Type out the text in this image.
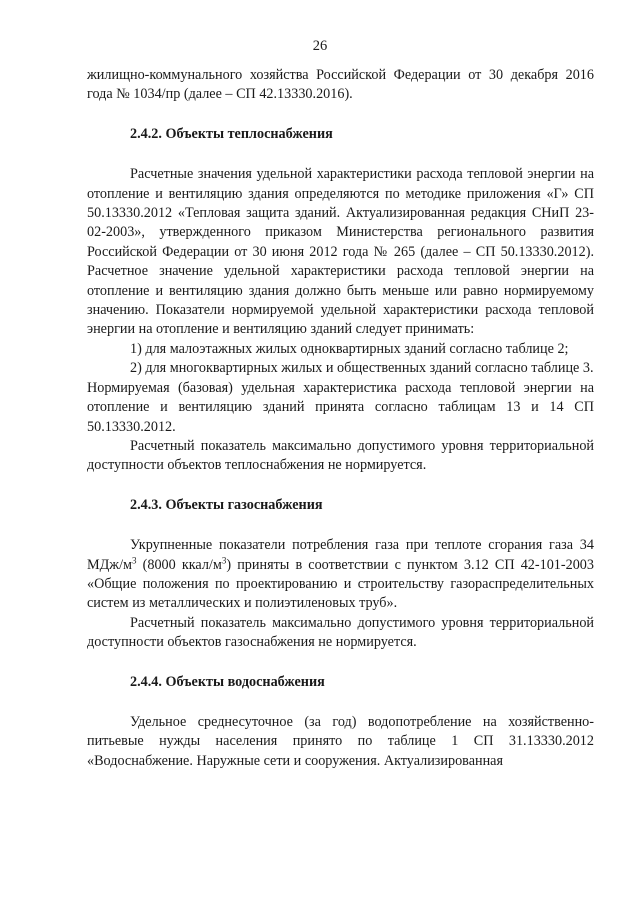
26

жилищно-коммунального хозяйства Российской Федерации от 30 декабря 2016 года № 1034/пр (далее – СП 42.13330.2016).

2.4.2. Объекты теплоснабжения

Расчетные значения удельной характеристики расхода тепловой энергии на отопление и вентиляцию здания определяются по методике приложения «Г» СП 50.13330.2012 «Тепловая защита зданий. Актуализированная редакция СНиП 23-02-2003», утвержденного приказом Министерства регионального развития Российской Федерации от 30 июня 2012 года № 265 (далее – СП 50.13330.2012). Расчетное значение удельной характеристики расхода тепловой энергии на отопление и вентиляцию здания должно быть меньше или равно нормируемому значению. Показатели нормируемой удельной характеристики расхода тепловой энергии на отопление и вентиляцию зданий следует принимать:

1) для малоэтажных жилых одноквартирных зданий согласно таблице 2;

2) для многоквартирных жилых и общественных зданий согласно таблице 3.

Нормируемая (базовая) удельная характеристика расхода тепловой энергии на отопление и вентиляцию зданий принята согласно таблицам 13 и 14 СП 50.13330.2012.

Расчетный показатель максимально допустимого уровня территориальной доступности объектов теплоснабжения не нормируется.

2.4.3. Объекты газоснабжения

Укрупненные показатели потребления газа при теплоте сгорания газа 34 МДж/$м^3$ (8000 ккал/$м^3$) приняты в соответствии с пунктом 3.12 СП 42-101-2003 «Общие положения по проектированию и строительству газораспределительных систем из металлических и полиэтиленовых труб».

Расчетный показатель максимально допустимого уровня территориальной доступности объектов газоснабжения не нормируется.

2.4.4. Объекты водоснабжения

Удельное среднесуточное (за год) водопотребление на хозяйственно-питьевые нужды населения принято по таблице 1 СП 31.13330.2012 «Водоснабжение. Наружные сети и сооружения. Актуализированная
